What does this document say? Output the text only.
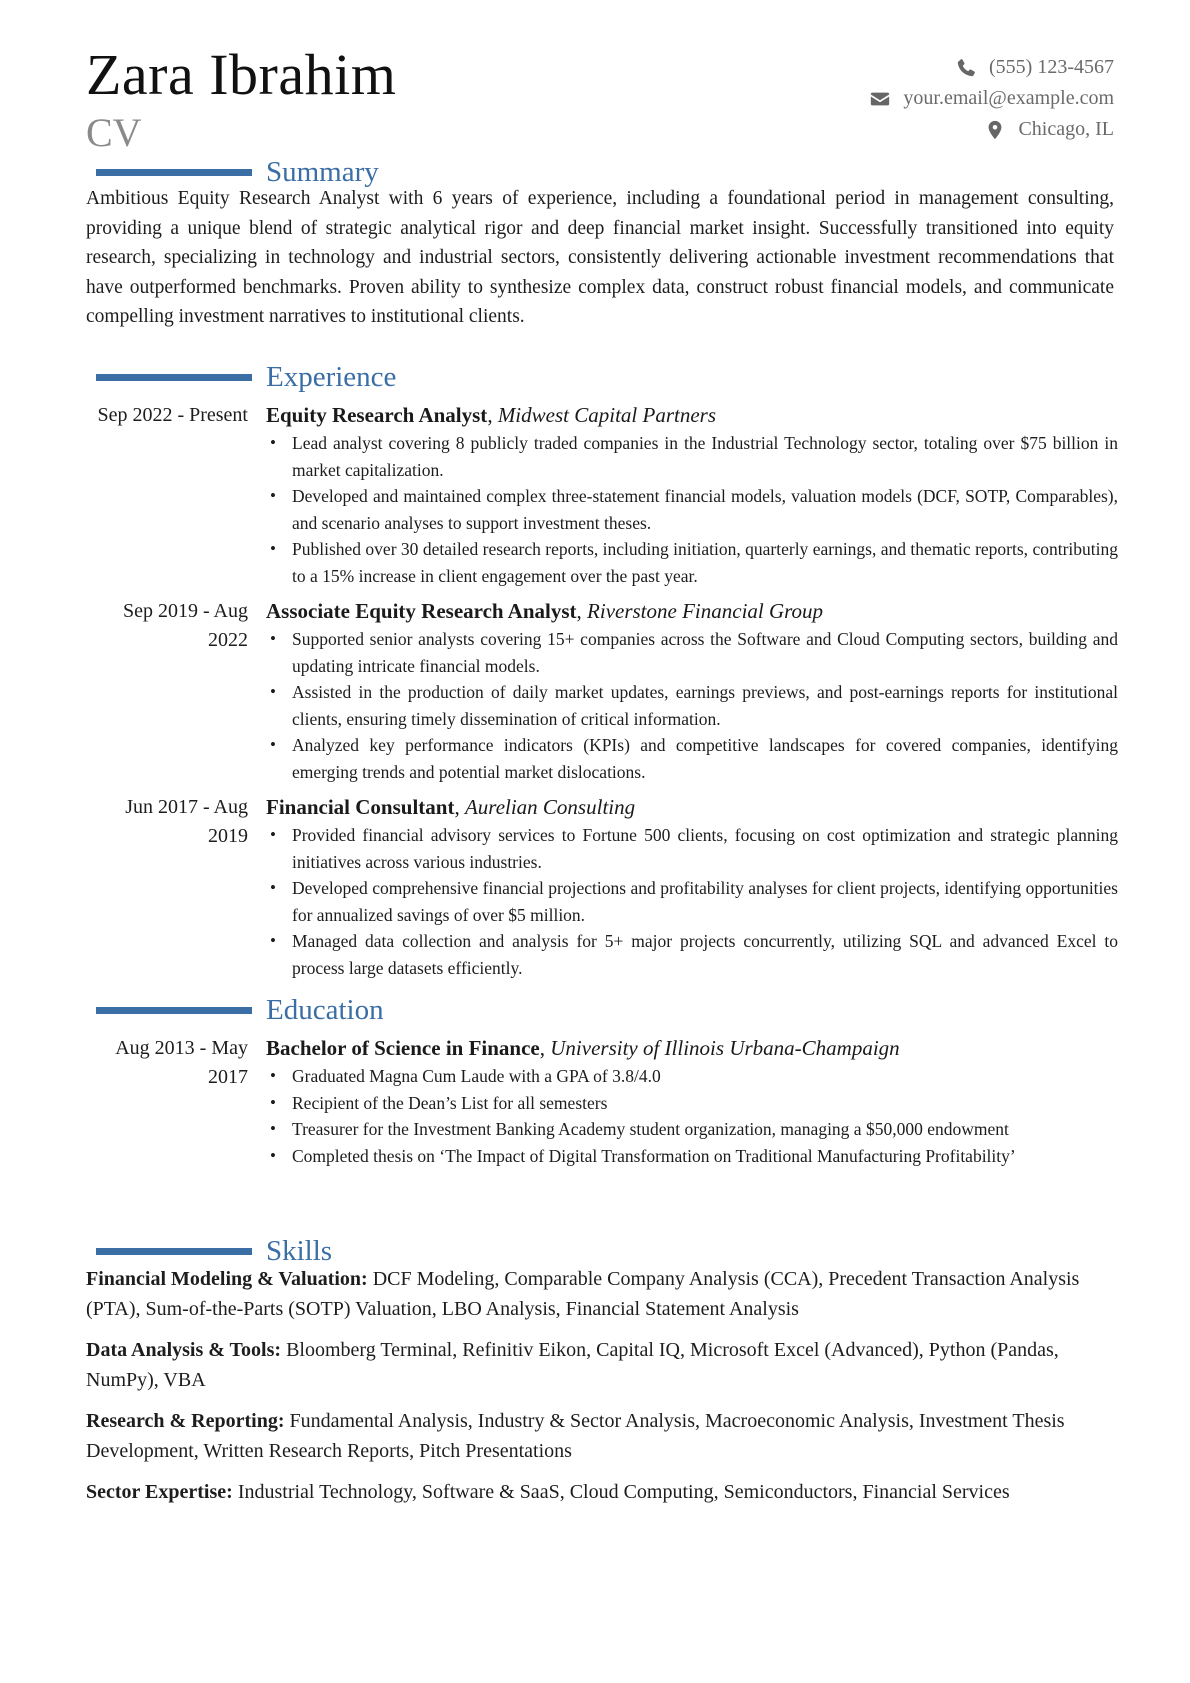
Zara Ibrahim
CV
(555) 123-4567
your.email@example.com
Chicago, IL
Summary
Ambitious Equity Research Analyst with 6 years of experience, including a foundational period in management consulting, providing a unique blend of strategic analytical rigor and deep financial market insight. Successfully transitioned into equity research, specializing in technology and industrial sectors, consistently delivering actionable investment recommendations that have outperformed benchmarks. Proven ability to synthesize complex data, construct robust financial models, and communicate compelling investment narratives to institutional clients.
Experience
Sep 2022 - Present Equity Research Analyst, Midwest Capital Partners
• Lead analyst covering 8 publicly traded companies in the Industrial Technology sector, totaling over $75 billion in market capitalization.
• Developed and maintained complex three-statement financial models, valuation models (DCF, SOTP, Comparables), and scenario analyses to support investment theses.
• Published over 30 detailed research reports, including initiation, quarterly earnings, and thematic reports, contributing to a 15% increase in client engagement over the past year.
Sep 2019 - Aug 2022
Associate Equity Research Analyst, Riverstone Financial Group
• Supported senior analysts covering 15+ companies across the Software and Cloud Computing sectors, building and updating intricate financial models.
• Assisted in the production of daily market updates, earnings previews, and post-earnings reports for institutional clients, ensuring timely dissemination of critical information.
• Analyzed key performance indicators (KPIs) and competitive landscapes for covered companies, identifying emerging trends and potential market dislocations.
Jun 2017 - Aug 2019
Financial Consultant, Aurelian Consulting
• Provided financial advisory services to Fortune 500 clients, focusing on cost optimization and strategic planning initiatives across various industries.
• Developed comprehensive financial projections and profitability analyses for client projects, identifying opportunities for annualized savings of over $5 million.
• Managed data collection and analysis for 5+ major projects concurrently, utilizing SQL and advanced Excel to process large datasets efficiently.
Education
Aug 2013 - May 2017
Bachelor of Science in Finance, University of Illinois Urbana-Champaign
• Graduated Magna Cum Laude with a GPA of 3.8/4.0
• Recipient of the Dean’s List for all semesters
• Treasurer for the Investment Banking Academy student organization, managing a $50,000 endowment
• Completed thesis on ‘The Impact of Digital Transformation on Traditional Manufacturing Profitability’
Skills
Financial Modeling & Valuation: DCF Modeling, Comparable Company Analysis (CCA), Precedent Transaction Analysis (PTA), Sum-of-the-Parts (SOTP) Valuation, LBO Analysis, Financial Statement Analysis
Data Analysis & Tools: Bloomberg Terminal, Refinitiv Eikon, Capital IQ, Microsoft Excel (Advanced), Python (Pandas, NumPy), VBA
Research & Reporting: Fundamental Analysis, Industry & Sector Analysis, Macroeconomic Analysis, Investment Thesis Development, Written Research Reports, Pitch Presentations
Sector Expertise: Industrial Technology, Software & SaaS, Cloud Computing, Semiconductors, Financial Services
